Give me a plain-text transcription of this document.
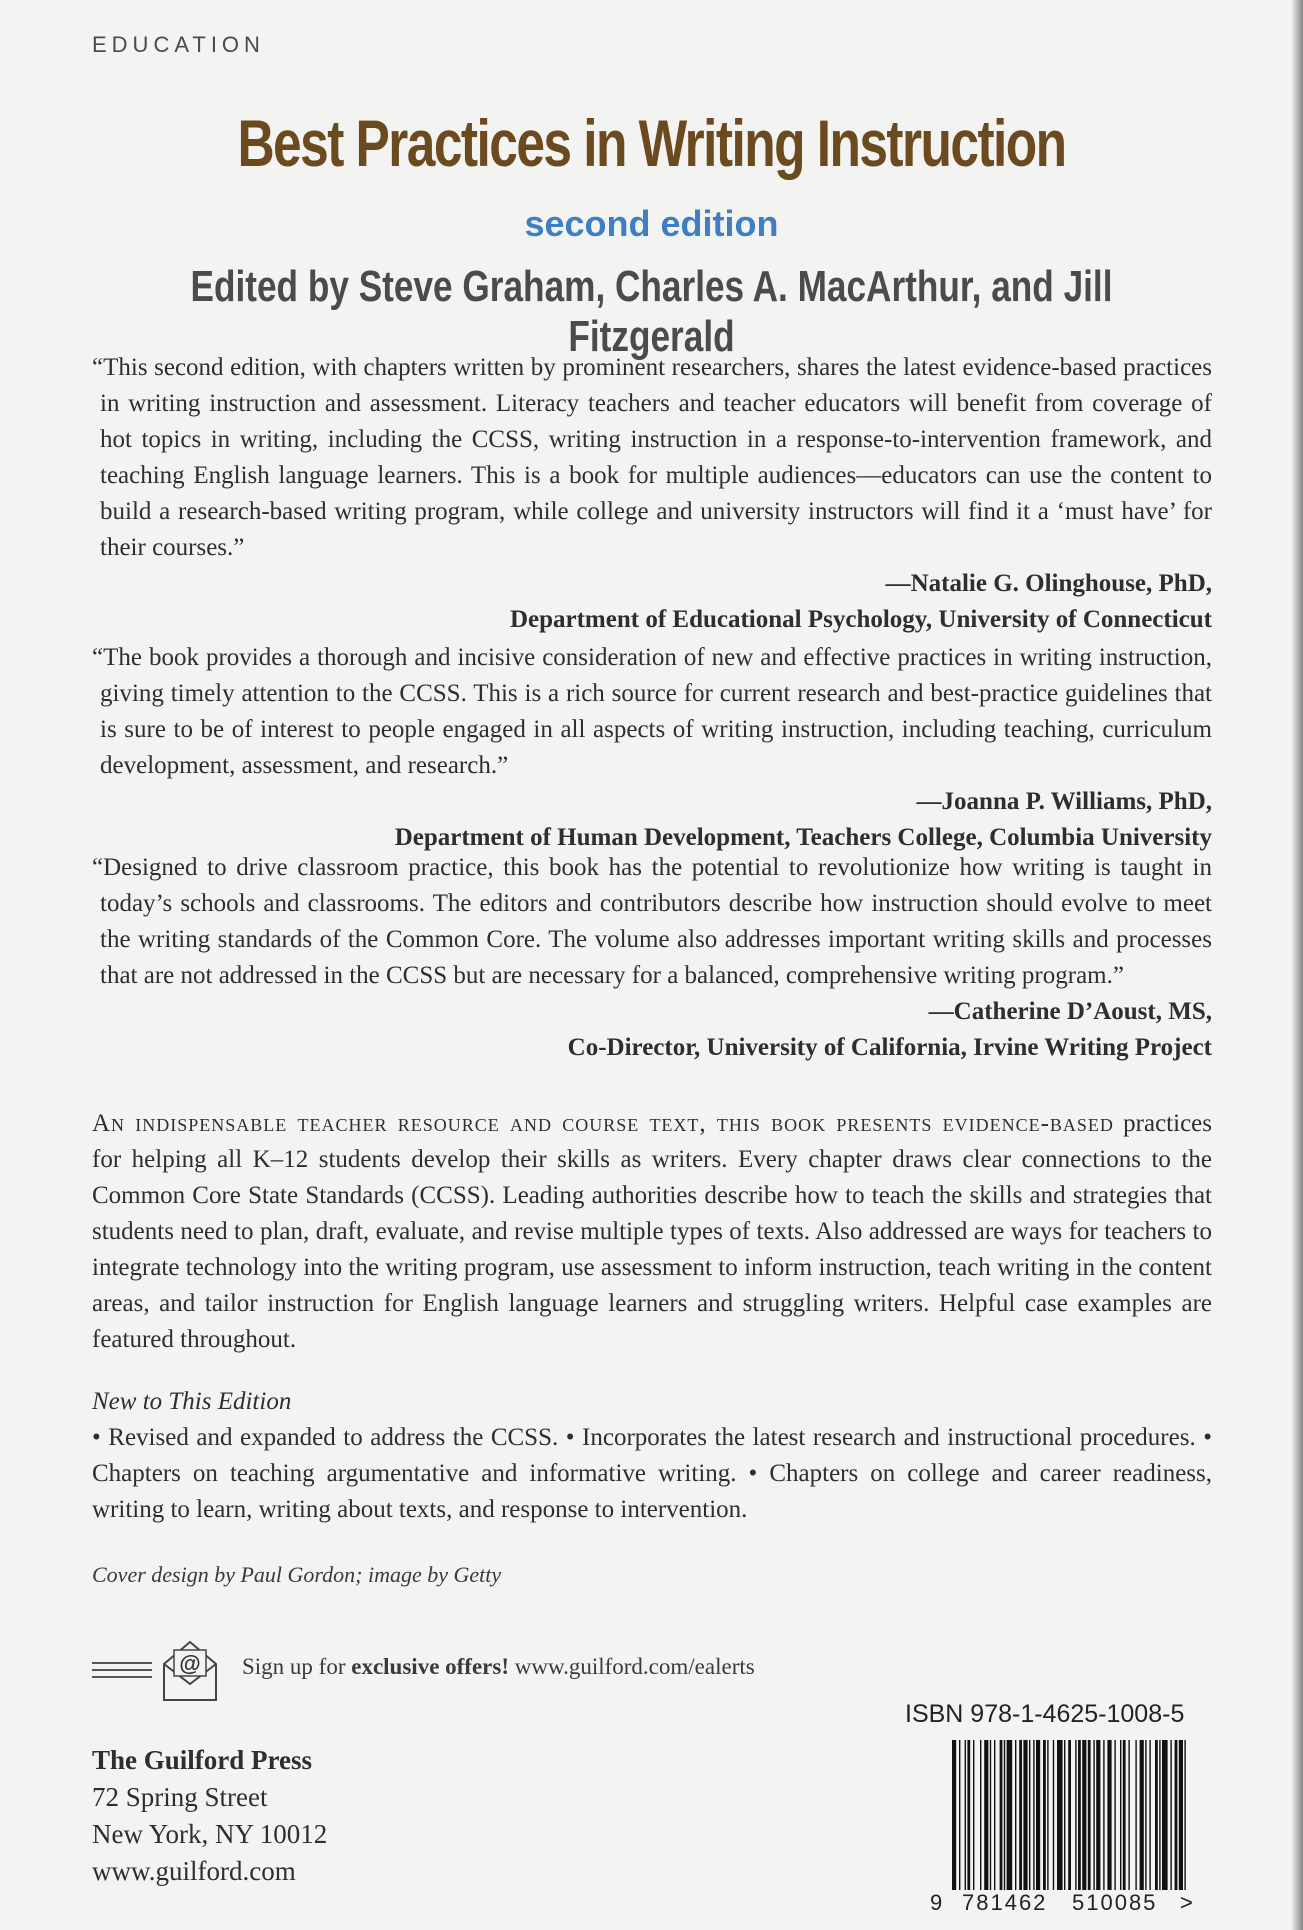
EDUCATION
Best Practices in Writing Instruction
second edition
Edited by Steve Graham, Charles A. MacArthur, and Jill Fitzgerald

“This second edition, with chapters written by prominent researchers, shares the latest evidence-based practices in writing instruction and assessment. Literacy teachers and teacher educators will benefit from coverage of hot topics in writing, including the CCSS, writing instruction in a response-to-intervention framework, and teaching English language learners. This is a book for multiple audiences—educators can use the content to build a research-based writing program, while college and university instructors will find it a ‘must have’ for their courses.”

—Natalie G. Olinghouse, PhD,
Department of Educational Psychology, University of Connecticut

“The book provides a thorough and incisive consideration of new and effective practices in writing instruction, giving timely attention to the CCSS. This is a rich source for current research and best-practice guidelines that is sure to be of interest to people engaged in all aspects of writing instruction, including teaching, curriculum development, assessment, and research.”

—Joanna P. Williams, PhD,
Department of Human Development, Teachers College, Columbia University

“Designed to drive classroom practice, this book has the potential to revolutionize how writing is taught in today’s schools and classrooms. The editors and contributors describe how instruction should evolve to meet the writing standards of the Common Core. The volume also addresses important writing skills and processes that are not addressed in the CCSS but are necessary for a balanced, comprehensive writing program.”

—Catherine D’Aoust, MS,
Co-Director, University of California, Irvine Writing Project
An indispensable teacher resource and course text, this book presents evidence-based practices for helping all K–12 students develop their skills as writers. Every chapter draws clear connections to the Common Core State Standards (CCSS). Leading authorities describe how to teach the skills and strategies that students need to plan, draft, evaluate, and revise multiple types of texts. Also addressed are ways for teachers to integrate technology into the writing program, use assessment to inform instruction, teach writing in the content areas, and tailor instruction for English language learners and struggling writers. Helpful case examples are featured throughout.
New to This Edition
• Revised and expanded to address the CCSS. • Incorporates the latest research and instructional procedures. • Chapters on teaching argumentative and informative writing. • Chapters on college and career readiness, writing to learn, writing about texts, and response to intervention.
Cover design by Paul Gordon; image by Getty
@ Sign up for exclusive offers! www.guilford.com/ealerts
ISBN 978-1-4625-1008-5
The Guilford Press
72 Spring Street
New York, NY 10012
www.guilford.com
9 781462 510085 >
